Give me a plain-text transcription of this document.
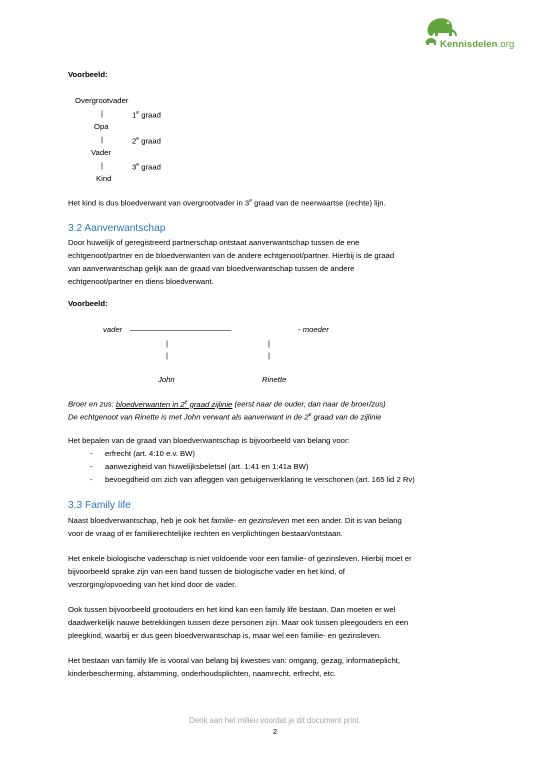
Kennisdelen.org
Voorbeeld:
Overgrootvader
|	1e graad
Opa
|	2e graad
Vader
|	3e graad
Kind
Het kind is dus bloedverwant van overgrootvader in 3e graad van de neerwaartse (rechte) lijn.
3.2 Aanverwantschap
Door huwelijk of geregistreerd partnerschap ontstaat aanverwantschap tussen de ene
echtgenoot/partner en de bloedverwanten van de andere echtgenoot/partner. Hierbij is de graad
van aanverwantschap gelijk aan de graad van bloedverwantschap tussen de andere
echtgenoot/partner en diens bloedverwant.
Voorbeeld:
vader ––––––––––––––––––––––––––––––––––––	- moeder
|	|
|	|
John	Rinette
Broer en zus: bloedverwanten in 2e graad zijlinie (eerst naar de ouder, dan naar de broer/zus)
De echtgenoot van Rinette is met John verwant als aanverwant in de 2e graad van de zijlinie
Het bepalen van de graad van bloedverwantschap is bijvoorbeeld van belang voor:
- erfrecht (art. 4:10 e.v. BW)
- aanwezigheid van huwelijksbeletsel (art. 1:41 en 1:41a BW)
- bevoegdheid om zich van afleggen van getuigenverklaring te verschonen (art. 165 lid 2 Rv)
3.3 Family life
Naast bloedverwantschap, heb je ook het familie- en gezinsleven met een ander. Dit is van belang
voor de vraag of er familierechtelijke rechten en verplichtingen bestaan/ontstaan.
Het enkele biologische vaderschap is niet voldoende voor een familie- of gezinsleven. Hierbij moet er
bijvoorbeeld sprake zijn van een band tussen de biologische vader en het kind, of
verzorging/opvoeding van het kind door de vader.
Ook tussen bijvoorbeeld grootouders en het kind kan een family life bestaan. Dan moeten er wel
daadwerkelijk nauwe betrekkingen tussen deze personen zijn. Maar ook tussen pleegouders en een
pleegkind, waarbij er dus geen bloedverwantschap is, maar wel een familie- en gezinsleven.
Het bestaan van family life is vooral van belang bij kwesties van: omgang, gezag, informatieplicht,
kinderbescherming, afstamming, onderhoudsplichten, naamrecht, erfrecht, etc.
Denk aan het milieu voordat je dit document print.
2
